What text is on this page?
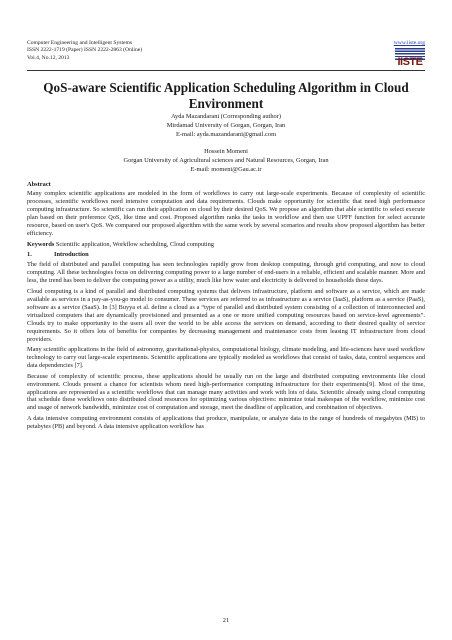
Computer Engineering and Intelligent Systems
ISSN 2222-1719 (Paper) ISSN 2222-2863 (Online)
Vol.4, No.12, 2013
www.iiste.org
IISTE
QoS-aware Scientific Application Scheduling Algorithm in Cloud
Environment
Ayda Mazandarani (Corresponding author)
Mirdamad University of Gorgan, Gorgan, Iran
E-mail: ayda.mazandarani@gmail.com
Hossein Momeni
Gorgan University of Agricultural sciences and Natural Resources, Gorgan, Iran
E-mail: momeni@Gau.ac.ir
Abstract

Many complex scientific applications are modeled in the form of workflows to carry out large-scale experiments. Because of complexity of scientific processes, scientific workflows need intensive computation and data requirements. Clouds make opportunity for scientific that need high performance computing infrastructure. So scientific can run their application on cloud by their desired QoS. We propose an algorithm that able scientific to select execute plan based on their preference QoS, like time and cost. Proposed algorithm ranks the tasks in workflow and then use UPFF function for select accurate resource, based on user's QoS. We compared our proposed algorithm with the same work by several scenarios and results show proposed algorithm has better efficiency.

Keywords Scientific application, Workflow scheduling, Cloud computing
1.	Introduction

The field of distributed and parallel computing has seen technologies rapidly grow from desktop computing, through grid computing, and now to cloud computing. All these technologies focus on delivering computing power to a large number of end-users in a reliable, efficient and scalable manner. More and less, the trend has been to deliver the computing power as a utility, much like how water and electricity is delivered to households these days.

Cloud computing is a kind of parallel and distributed computing systems that delivers infrastructure, platform and software as a service, which are made available as services in a pay-as-you-go model to consumer. These services are referred to as infrastructure as a service (IaaS), platform as a service (PaaS), software as a service (SaaS). In [3] Buyya et al. define a cloud as a “type of parallel and distributed system consisting of a collection of interconnected and virtualized computers that are dynamically provisioned and presented as a one or more unified computing resources based on service-level agreements”. Clouds try to make opportunity to the users all over the world to be able access the services on demand, according to their desired quality of service requirements. So it offers lots of benefits for companies by decreasing management and maintenance costs from leasing IT infrastructure from cloud providers.

Many scientific applications in the field of astronomy, gravitational-physics, computational biology, climate modeling, and life-sciences have used workflow technology to carry out large-scale experiments. Scientific applications are typically modeled as workflows that consist of tasks, data, control sequences and data dependencies [7].

Because of complexity of scientific process, these applications should be usually run on the large and distributed computing environments like cloud environment. Clouds present a chance for scientists whom need high-performance computing infrastructure for their experiments[9]. Most of the time, applications are represented as a scientific workflows that can manage many activities and work with lots of data. Scientific already using cloud computing that schedule these workflows onto distributed cloud resources for optimizing various objectives: minimize total makespan of the workflow, minimize cost and usage of network bandwidth, minimize cost of computation and storage, meet the deadline of application, and combination of objectives.

A data intensive computing environment consists of applications that produce, manipulate, or analyze data in the range of hundreds of megabytes (MB) to petabytes (PB) and beyond. A data intensive application workflow has

21
